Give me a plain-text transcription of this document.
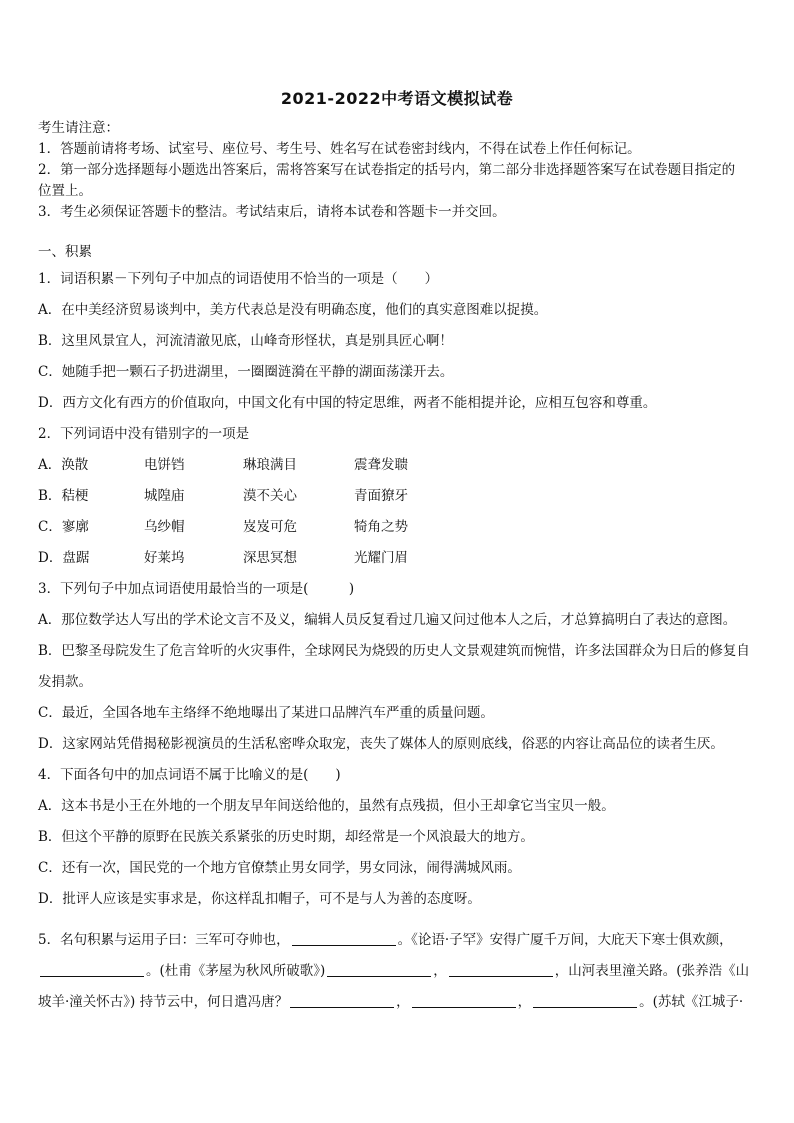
2021-2022中考语文模拟试卷
考生请注意：
1．答题前请将考场、试室号、座位号、考生号、姓名写在试卷密封线内，不得在试卷上作任何标记。
2．第一部分选择题每小题选出答案后，需将答案写在试卷指定的括号内，第二部分非选择题答案写在试卷题目指定的
位置上。
3．考生必须保证答题卡的整洁。考试结束后，请将本试卷和答题卡一并交回。
一、积累
1．词语积累－下列句子中加点的词语使用不恰当的一项是（　　）
A．在中美经济贸易谈判中，美方代表总是没有明确态度，他们的真实意图难以捉摸。
B．这里风景宜人，河流清澈见底，山峰奇形怪状，真是别具匠心啊！
C．她随手把一颗石子扔进湖里，一圈圈涟漪在平静的湖面荡漾开去。
D．西方文化有西方的价值取向，中国文化有中国的特定思维，两者不能相提并论，应相互包容和尊重。
2．下列词语中没有错别字的一项是
A．涣散	电饼铛	琳琅满目	震聋发聩
B．秸梗	城隍庙	漠不关心	青面獠牙
C．寥廓	乌纱帽	岌岌可危	犄角之势
D．盘踞	好莱坞	深思冥想	光耀门眉
3．下列句子中加点词语使用最恰当的一项是(　　　)
A．那位数学达人写出的学术论文言不及义，编辑人员反复看过几遍又问过他本人之后，才总算搞明白了表达的意图。
B．巴黎圣母院发生了危言耸听的火灾事件，全球网民为烧毁的历史人文景观建筑而惋惜，许多法国群众为日后的修复自发捐款。
C．最近，全国各地车主络绎不绝地曝出了某进口品牌汽车严重的质量问题。
D．这家网站凭借揭秘影视演员的生活私密哗众取宠，丧失了媒体人的原则底线，俗恶的内容让高品位的读者生厌。
4．下面各句中的加点词语不属于比喻义的是(　　)
A．这本书是小王在外地的一个朋友早年间送给他的，虽然有点残损，但小王却拿它当宝贝一般。
B．但这个平静的原野在民族关系紧张的历史时期，却经常是一个风浪最大的地方。
C．还有一次，国民党的一个地方官僚禁止男女同学，男女同泳，闹得满城风雨。
D．批评人应该是实事求是，你这样乱扣帽子，可不是与人为善的态度呀。
5．名句积累与运用子曰：三军可夺帅也，	。《论语·子罕》安得广厦千万间，大庇天下寒士俱欢颜，。(杜甫《茅屋为秋风所破歌》)	，	，山河表里潼关路。(张养浩《山坡羊·潼关怀古》) 持节云中，何日遣冯唐？	，	，	。(苏轼《江城子·
